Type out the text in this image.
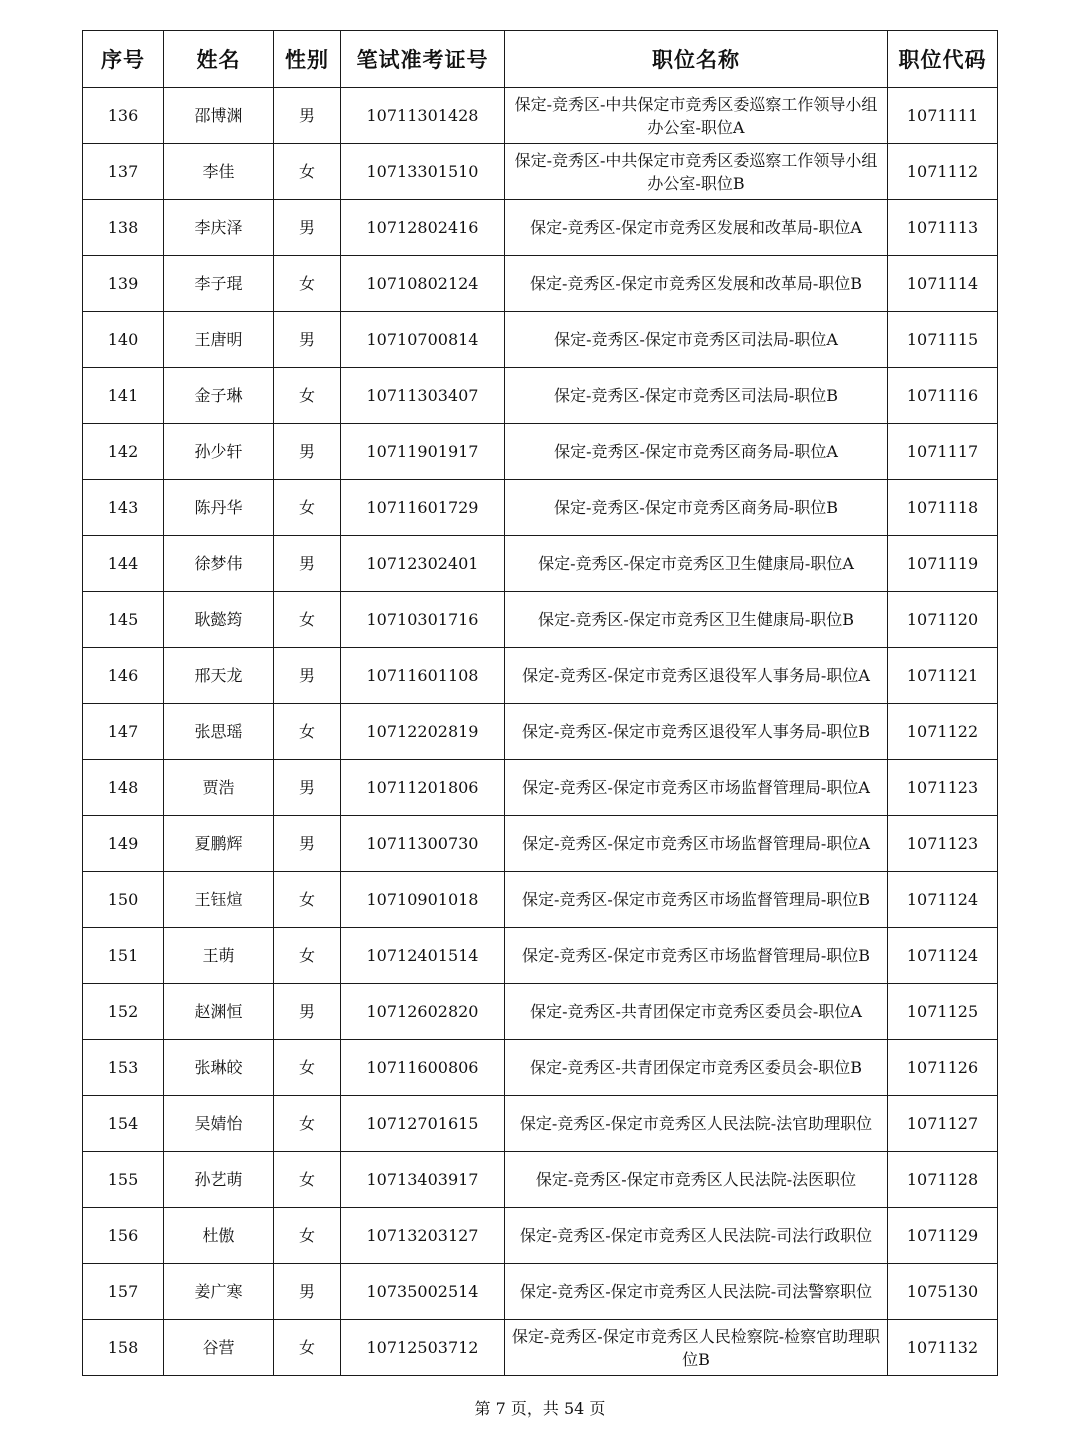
序号	姓名	性别	笔试准考证号	职位名称	职位代码
136	邵博渊	男	10711301428	保定-竞秀区-中共保定市竞秀区委巡察工作领导小组办公室-职位A	1071111
137	李佳	女	10713301510	保定-竞秀区-中共保定市竞秀区委巡察工作领导小组办公室-职位B	1071112
138	李庆泽	男	10712802416	保定-竞秀区-保定市竞秀区发展和改革局-职位A	1071113
139	李子琨	女	10710802124	保定-竞秀区-保定市竞秀区发展和改革局-职位B	1071114
140	王唐明	男	10710700814	保定-竞秀区-保定市竞秀区司法局-职位A	1071115
141	金子琳	女	10711303407	保定-竞秀区-保定市竞秀区司法局-职位B	1071116
142	孙少轩	男	10711901917	保定-竞秀区-保定市竞秀区商务局-职位A	1071117
143	陈丹华	女	10711601729	保定-竞秀区-保定市竞秀区商务局-职位B	1071118
144	徐梦伟	男	10712302401	保定-竞秀区-保定市竞秀区卫生健康局-职位A	1071119
145	耿懿筠	女	10710301716	保定-竞秀区-保定市竞秀区卫生健康局-职位B	1071120
146	邢天龙	男	10711601108	保定-竞秀区-保定市竞秀区退役军人事务局-职位A	1071121
147	张思瑶	女	10712202819	保定-竞秀区-保定市竞秀区退役军人事务局-职位B	1071122
148	贾浩	男	10711201806	保定-竞秀区-保定市竞秀区市场监督管理局-职位A	1071123
149	夏鹏辉	男	10711300730	保定-竞秀区-保定市竞秀区市场监督管理局-职位A	1071123
150	王钰煊	女	10710901018	保定-竞秀区-保定市竞秀区市场监督管理局-职位B	1071124
151	王萌	女	10712401514	保定-竞秀区-保定市竞秀区市场监督管理局-职位B	1071124
152	赵渊恒	男	10712602820	保定-竞秀区-共青团保定市竞秀区委员会-职位A	1071125
153	张琳皎	女	10711600806	保定-竞秀区-共青团保定市竞秀区委员会-职位B	1071126
154	吴婧怡	女	10712701615	保定-竞秀区-保定市竞秀区人民法院-法官助理职位	1071127
155	孙艺萌	女	10713403917	保定-竞秀区-保定市竞秀区人民法院-法医职位	1071128
156	杜傲	女	10713203127	保定-竞秀区-保定市竞秀区人民法院-司法行政职位	1071129
157	姜广寒	男	10735002514	保定-竞秀区-保定市竞秀区人民法院-司法警察职位	1075130
158	谷营	女	10712503712	保定-竞秀区-保定市竞秀区人民检察院-检察官助理职位B	1071132
第 7 页，共 54 页
